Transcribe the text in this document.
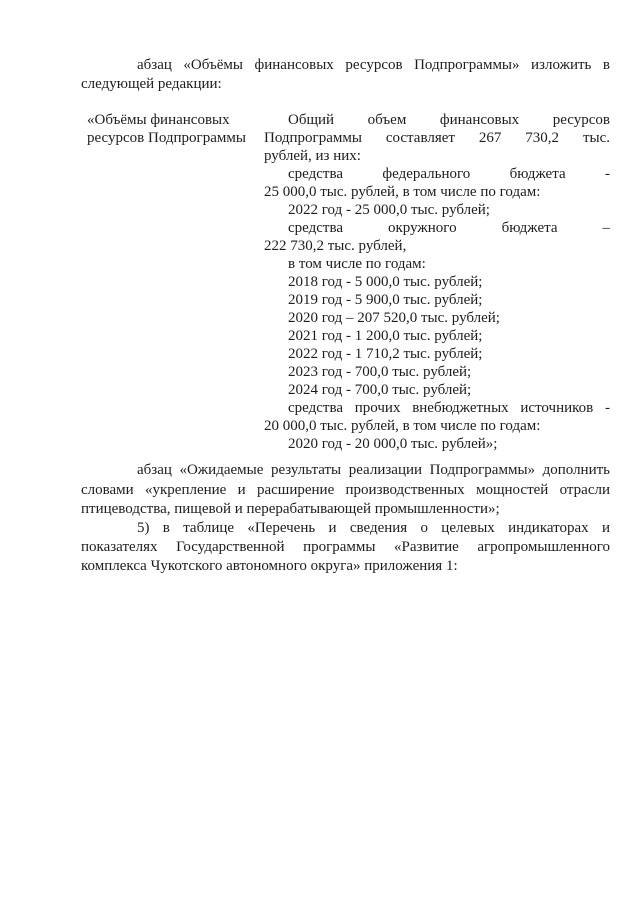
абзац «Объёмы финансовых ресурсов Подпрограммы» изложить в
следующей редакции:
«Объёмы финансовых
ресурсов Подпрограммы
Общий объем финансовых ресурсов
Подпрограммы составляет 267 730,2 тыс.
рублей, из них:
средства федерального бюджета -
25 000,0 тыс. рублей, в том числе по годам:
2022 год - 25 000,0 тыс. рублей;
средства окружного бюджета –
222 730,2 тыс. рублей,
в том числе по годам:
2018 год - 5 000,0 тыс. рублей;
2019 год - 5 900,0 тыс. рублей;
2020 год – 207 520,0 тыс. рублей;
2021 год - 1 200,0 тыс. рублей;
2022 год - 1 710,2 тыс. рублей;
2023 год - 700,0 тыс. рублей;
2024 год - 700,0 тыс. рублей;
средства прочих внебюджетных источников -
20 000,0 тыс. рублей, в том числе по годам:
2020 год - 20 000,0 тыс. рублей»;
абзац «Ожидаемые результаты реализации Подпрограммы» дополнить
словами «укрепление и расширение производственных мощностей отрасли
птицеводства, пищевой и перерабатывающей промышленности»;
5) в таблице «Перечень и сведения о целевых индикаторах и
показателях Государственной программы «Развитие агропромышленного
комплекса Чукотского автономного округа» приложения 1:
